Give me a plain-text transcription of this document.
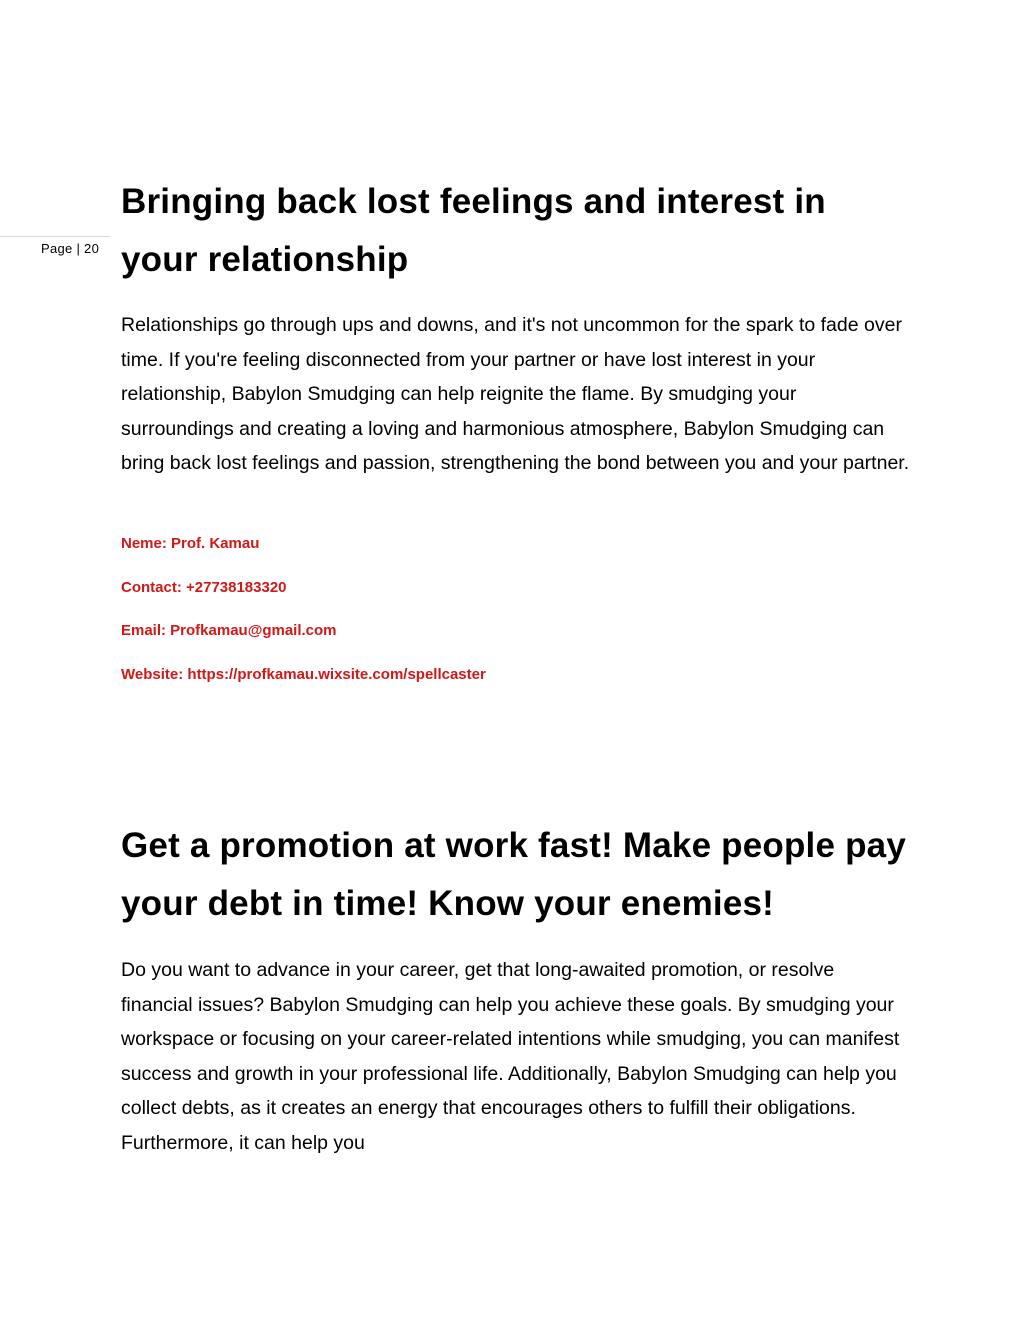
Page | 20
Bringing back lost feelings and interest in your relationship

Relationships go through ups and downs, and it's not uncommon for the spark to fade over time. If you're feeling disconnected from your partner or have lost interest in your relationship, Babylon Smudging can help reignite the flame. By smudging your surroundings and creating a loving and harmonious atmosphere, Babylon Smudging can bring back lost feelings and passion, strengthening the bond between you and your partner.

Neme: Prof. Kamau
Contact: +27738183320
Email: Profkamau@gmail.com
Website: https://profkamau.wixsite.com/spellcaster
Get a promotion at work fast! Make people pay your debt in time! Know your enemies!

Do you want to advance in your career, get that long-awaited promotion, or resolve financial issues? Babylon Smudging can help you achieve these goals. By smudging your workspace or focusing on your career-related intentions while smudging, you can manifest success and growth in your professional life. Additionally, Babylon Smudging can help you collect debts, as it creates an energy that encourages others to fulfill their obligations. Furthermore, it can help you
